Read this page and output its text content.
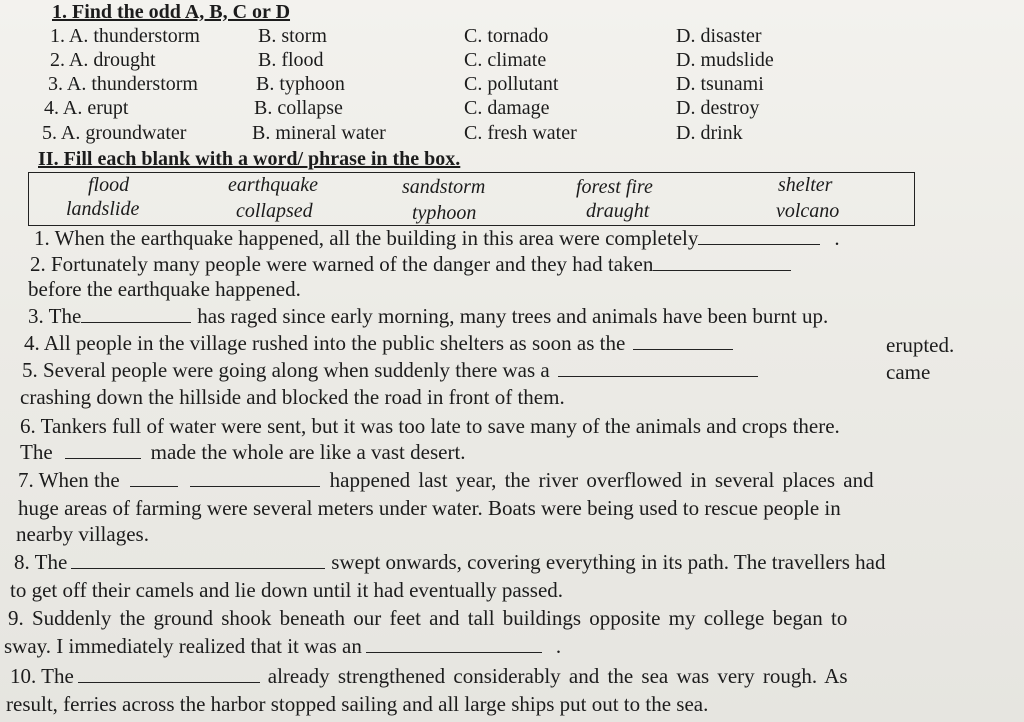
1. Find the odd A, B, C or D
1. A. thunderstorm	B. storm	C. tornado	D. disaster
2. A. drought	B. flood	C. climate	D. mudslide
3. A. thunderstorm	B. typhoon	C. pollutant	D. tsunami
4. A. erupt	B. collapse	C. damage	D. destroy
5. A. groundwater	B. mineral water	C. fresh water	D. drink
II. Fill each blank with a word/ phrase in the box.
flood	earthquake	sandstorm	forest fire	shelter
landslide	collapsed	typhoon	draught	volcano
1. When the earthquake happened, all the building in this area were completely	.
2. Fortunately many people were warned of the danger and they had taken
before the earthquake happened.
3. The	has raged since early morning, many trees and animals have been burnt up.
4. All people in the village rushed into the public shelters as soon as the	erupted.
5. Several people were going along when suddenly there was a	came
crashing down the hillside and blocked the road in front of them.
6. Tankers full of water were sent, but it was too late to save many of the animals and crops there.
The	made the whole are like a vast desert.
7. When the	happened last year, the river overflowed in several places and
huge areas of farming were several meters under water. Boats were being used to rescue people in
nearby villages.
8. The	swept onwards, covering everything in its path. The travellers had
to get off their camels and lie down until it had eventually passed.
9. Suddenly the ground shook beneath our feet and tall buildings opposite my college began to
sway. I immediately realized that it was an	.
10. The	already strengthened considerably and the sea was very rough. As
result, ferries across the harbor stopped sailing and all large ships put out to the sea.
